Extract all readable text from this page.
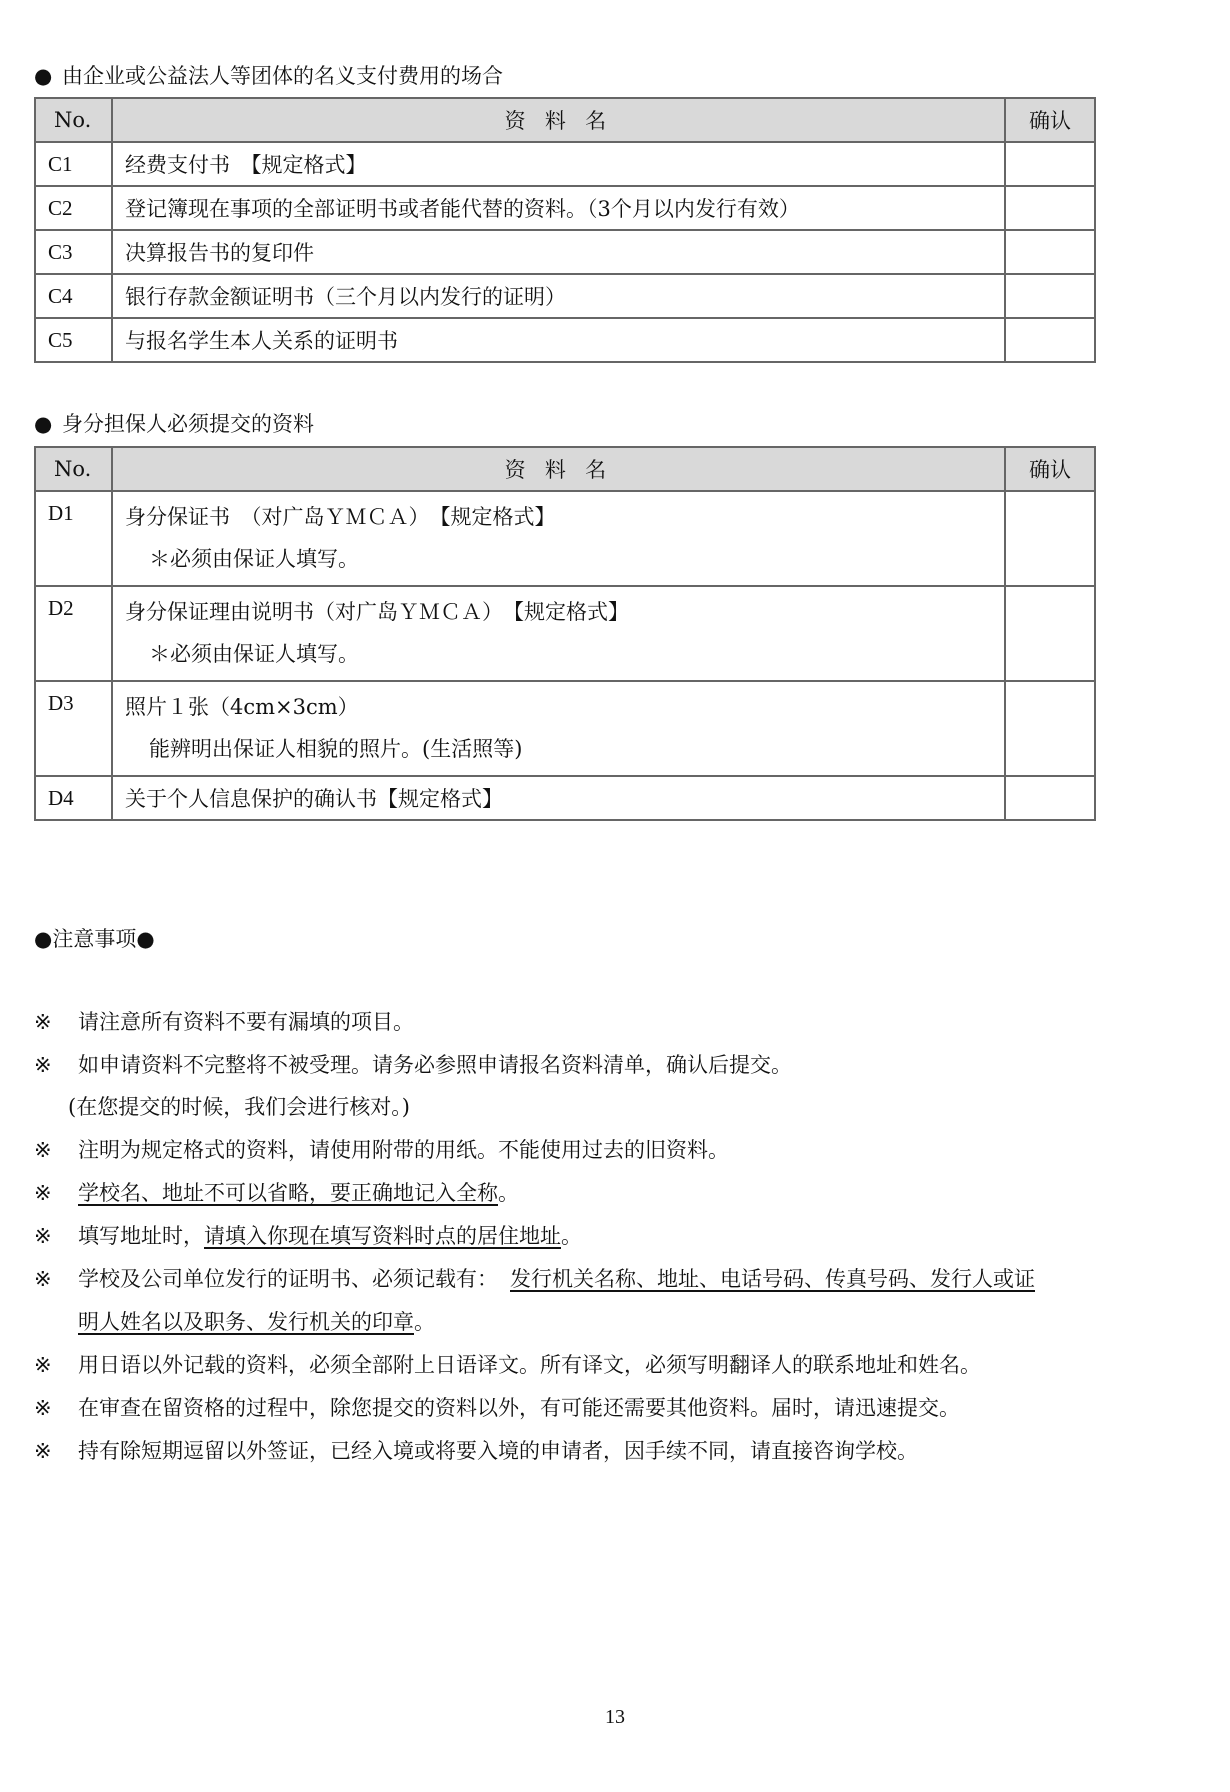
● 由企业或公益法人等团体的名义支付费用的场合
No.	资 料 名	确认
C1	经费支付书　【规定格式】	
C2	登记簿现在事项的全部证明书或者能代替的资料。（3个月以内发行有效）	
C3	决算报告书的复印件	
C4	银行存款金额证明书（三个月以内发行的证明）	
C5	与报名学生本人关系的证明书	
● 身分担保人必须提交的资料
No.	资 料 名	确认
D1	身分保证书　（对广岛ＹＭＣＡ）　【规定格式】
＊必须由保证人填写。	

D2	身分保证理由说明书（对广岛ＹＭＣＡ）　【规定格式】
＊必须由保证人填写。	

D3	照片１张（4cm×3cm）
能辨明出保证人相貌的照片。(生活照等)	

D4	关于个人信息保护的确认书【规定格式】	
●注意事项●
※ 请注意所有资料不要有漏填的项目。
※ 如申请资料不完整将不被受理。请务必参照申请报名资料清单，确认后提交。
(在您提交的时候，我们会进行核对。)
※ 注明为规定格式的资料，请使用附带的用纸。不能使用过去的旧资料。
※ 学校名、地址不可以省略，要正确地记入全称。
※ 填写地址时，请填入你现在填写资料时点的居住地址。
※ 学校及公司单位发行的证明书、必须记载有： 发行机关名称、地址、电话号码、传真号码、发行人或证
明人姓名以及职务、发行机关的印章。
※ 用日语以外记载的资料，必须全部附上日语译文。所有译文，必须写明翻译人的联系地址和姓名。
※ 在审查在留资格的过程中，除您提交的资料以外，有可能还需要其他资料。届时，请迅速提交。
※ 持有除短期逗留以外签证，已经入境或将要入境的申请者，因手续不同，请直接咨询学校。
13
